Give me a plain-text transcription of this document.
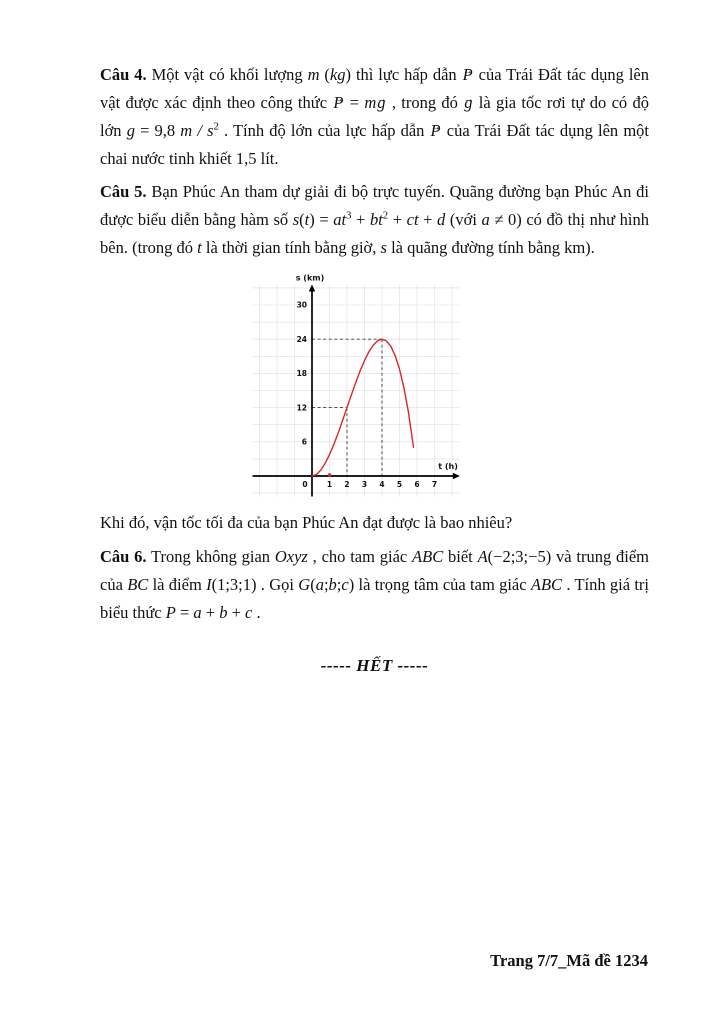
Câu 4. Một vật có khối lượng m (kg) thì lực hấp dẫn P → của Trái Đất tác dụng lên vật được xác định theo công thức P → = mg → , trong đó g → là gia tốc rơi tự do có độ lớn g = 9,8 m / $s^2$ . Tính độ lớn của lực hấp dẫn P → của Trái Đất tác dụng lên một chai nước tinh khiết 1,5 lít.

Câu 5. Bạn Phúc An tham dự giải đi bộ trực tuyến. Quãng đường bạn Phúc An đi được biểu diễn bằng hàm số $s(t) = at^3 + bt^2$ + ct + d (với a ≠ 0) có đồ thị như hình bên. (trong đó t là thời gian tính bằng giờ, s là quãng đường tính bằng km).

0	1 2 3 4 5 6 7
6
12
18
24
30
s (km)
t (h)

Khi đó, vận tốc tối đa của bạn Phúc An đạt được là bao nhiêu?

Câu 6. Trong không gian Oxyz , cho tam giác ABC biết A(−2;3;−5) và trung điểm của BC là điểm I(1;3;1) . Gọi G(a;b;c) là trọng tâm của tam giác ABC . Tính giá trị biểu thức P = a + b + c .

----- HẾT -----

Trang 7/7_Mã đề 1234
